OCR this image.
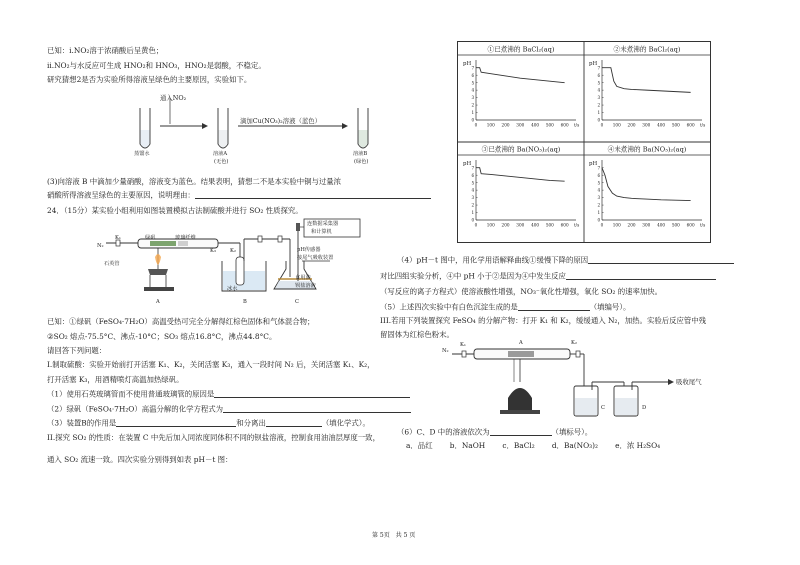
已知：i.NO₂溶于浓硝酸后呈黄色；
ii.NO₂与水反应可生成 HNO₂和 HNO₃，HNO₂是弱酸，不稳定。
研究猜想2是否为实验所得溶液呈绿色的主要原因，实验如下。
通入NO₂
滴加Cu(NO₃)₂溶液（蓝色）
蒸馏水	溶液A
(无色)
溶液B
(绿色)
(3)向溶液 B 中滴加少量硝酸，溶液变为蓝色。结果表明，猜想二不是本实验中铜与过量浓
硝酸所得溶液呈绿色的主要原因，说明理由：
24．（15分）某实验小组利用如图装置模拟古法制硫酸并进行 SO₂ 性质探究。
N₂
K₁	绿矾	玻璃纤维
K₃	K₂
石英管
冰水
连数据采集器
和计算机
pH传感器
接尾气吸收装置
食用油
钡盐溶液
A	B	C
已知：①绿矾（FeSO₄·7H₂O）高温受热可完全分解得红棕色固体和气体混合物；
②SO₂ 熔点-75.5°C、沸点-10°C；SO₃ 熔点16.8°C，沸点44.8°C。
请回答下列问题：
I.制取硫酸：实验开始前打开活塞 K₁、K₂，关闭活塞 K₃，通入一段时间 N₂ 后，关闭活塞 K₁、K₂，
打开活塞 K₃，用酒精喷灯高温加热绿矾。
（1）使用石英玻璃管而不使用普通玻璃管的原因是
（2）绿矾（FeSO₄·7H₂O）高温分解的化学方程式为
（3）装置B的作用是	和分离出	（填化学式）。
II.探究 SO₂ 的性质：在装置 C 中先后加入同浓度同体积不同的钡盐溶液，控制食用油油层厚度一致，
通入 SO₂ 流速一致。四次实验分别得到如表 pH－t 图：
①已煮沸的 BaCl₂(aq)
pH
0
1
2
3
4
5
6
7
0 100 200 300 400 500 600 t/s
②未煮沸的 BaCl₂(aq)
pH
0
1
2
3
4
5
6
7
0 100 200 300 400 500 600 t/s
③已煮沸的 Ba(NO₃)₂(aq)
pH
0
1
2
3
4
5
6
7
0 100 200 300 400 500 600 t/s
④未煮沸的 Ba(NO₃)₂(aq)
pH
0
1
2
3
4
5
6
7
0 100 200 300 400 500 600 t/s
（4）pH－t 图中，用化学用语解释曲线①缓慢下降的原因
对比四组实验分析，④中 pH 小于②是因为④中发生反应
（写反应的离子方程式）使溶液酸性增强，NO₃⁻氧化性增强，氧化 SO₂ 的速率加快。
（5）上述四次实验中有白色沉淀生成的是	（填编号）。
III.若用下列装置探究 FeSO₄ 的分解产物：打开 K₁ 和 K₂，缓缓通入 N₂，加热。实验后反应管中残
留固体为红棕色粉末。
N₂
K₁	A	K₂
C	D
吸收尾气
（6）C、D 中的溶液依次为	（填标号）。
a．品红　　 b．NaOH　　 c．BaCl₂　　 d．Ba(NO₃)₂　　 e．浓 H₂SO₄
第 5页　共 5 页
